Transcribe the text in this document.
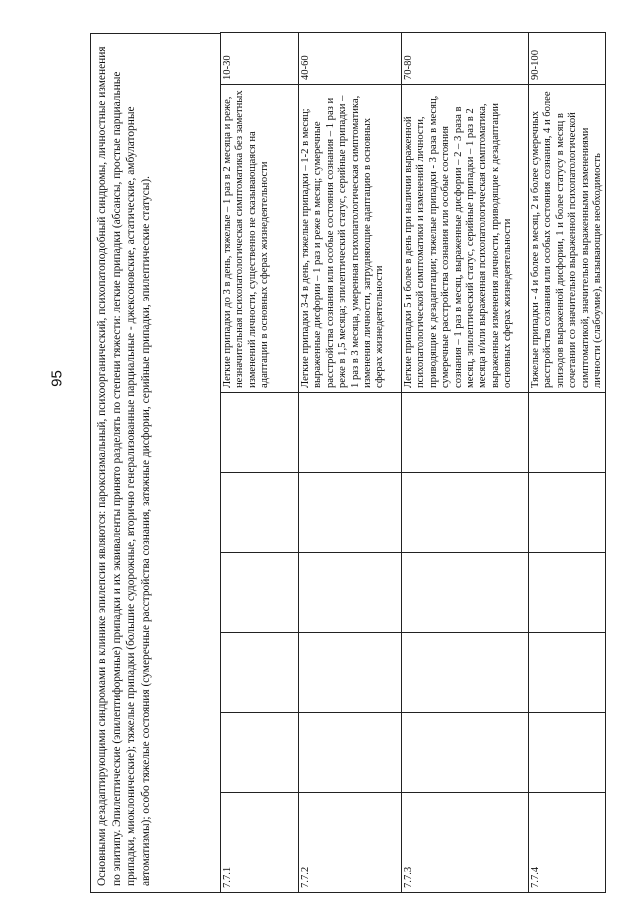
95	Основными дезадаптирующими синдромами в клинике эпилепсии являются: пароксизмальный, психоорганический, психопатоподобный синдромы, личностные изменения по эпитипу. Эпилептические (эпилептиформные) припадки и их эквиваленты принято разделять по степени тяжести: легкие припадки (абсансы, простые парциальные припадки, миоклонические); тяжелые припадки (большие судорожные, вторично генерализованные парциальные - джексоновские, астатические, амбулаторные автоматизмы); особо тяжелые состояния (сумеречные расстройства сознания, затяжные дисфории, серийные припадки, эпилептические статусы).	7.7.1						Легкие припадки до 3 в день, тяжелые – 1 раз в 2 месяца и реже, незначительная психопатологическая симптоматика без заметных изменений личности, существенно не сказывающаяся на адаптации в основных сферах жизнедеятельности	10-30
7.7.2						Легкие припадки 3-4 в день, тяжелые припадки – 1-2 в месяц; выраженные дисфории – 1 раз и реже в месяц; сумеречные расстройства сознания или особые состояния сознания – 1 раз и реже в 1,5 месяца; эпилептический статус, серийные припадки – 1 раз в 3 месяца, умеренная психопатологическая симптоматика, изменения личности, затрудняющие адаптацию в основных сферах жизнедеятельности	40-60
7.7.3						Легкие припадки 5 и более в день при наличии выраженной психопатологической симптоматики и изменений личности, приводящие к дезадаптации; тяжелые припадки - 3 раза в месяц, сумеречные расстройства сознания или особые состояния сознания – 1 раз в месяц, выраженные дисфории – 2 – 3 раза в месяц, эпилептический статус, серийные припадки – 1 раз в 2 месяца и/или выраженная психопатологическая симптоматика, выраженные изменения личности, приводящие к дезадаптации основных сферах жизнедеятельности	70-80
7.7.4						Тяжелые припадки - 4 и более в месяц, 2 и более сумеречных расстройства сознания или особых состояния сознания, 4 и более эпизодов выраженной дисфории, 1 и более статусу в месяц в сочетании со значительно выраженной психопатологической симптоматикой, значительно выраженными изменениями личности (слабоумие), вызывающие необходимость	90-100
